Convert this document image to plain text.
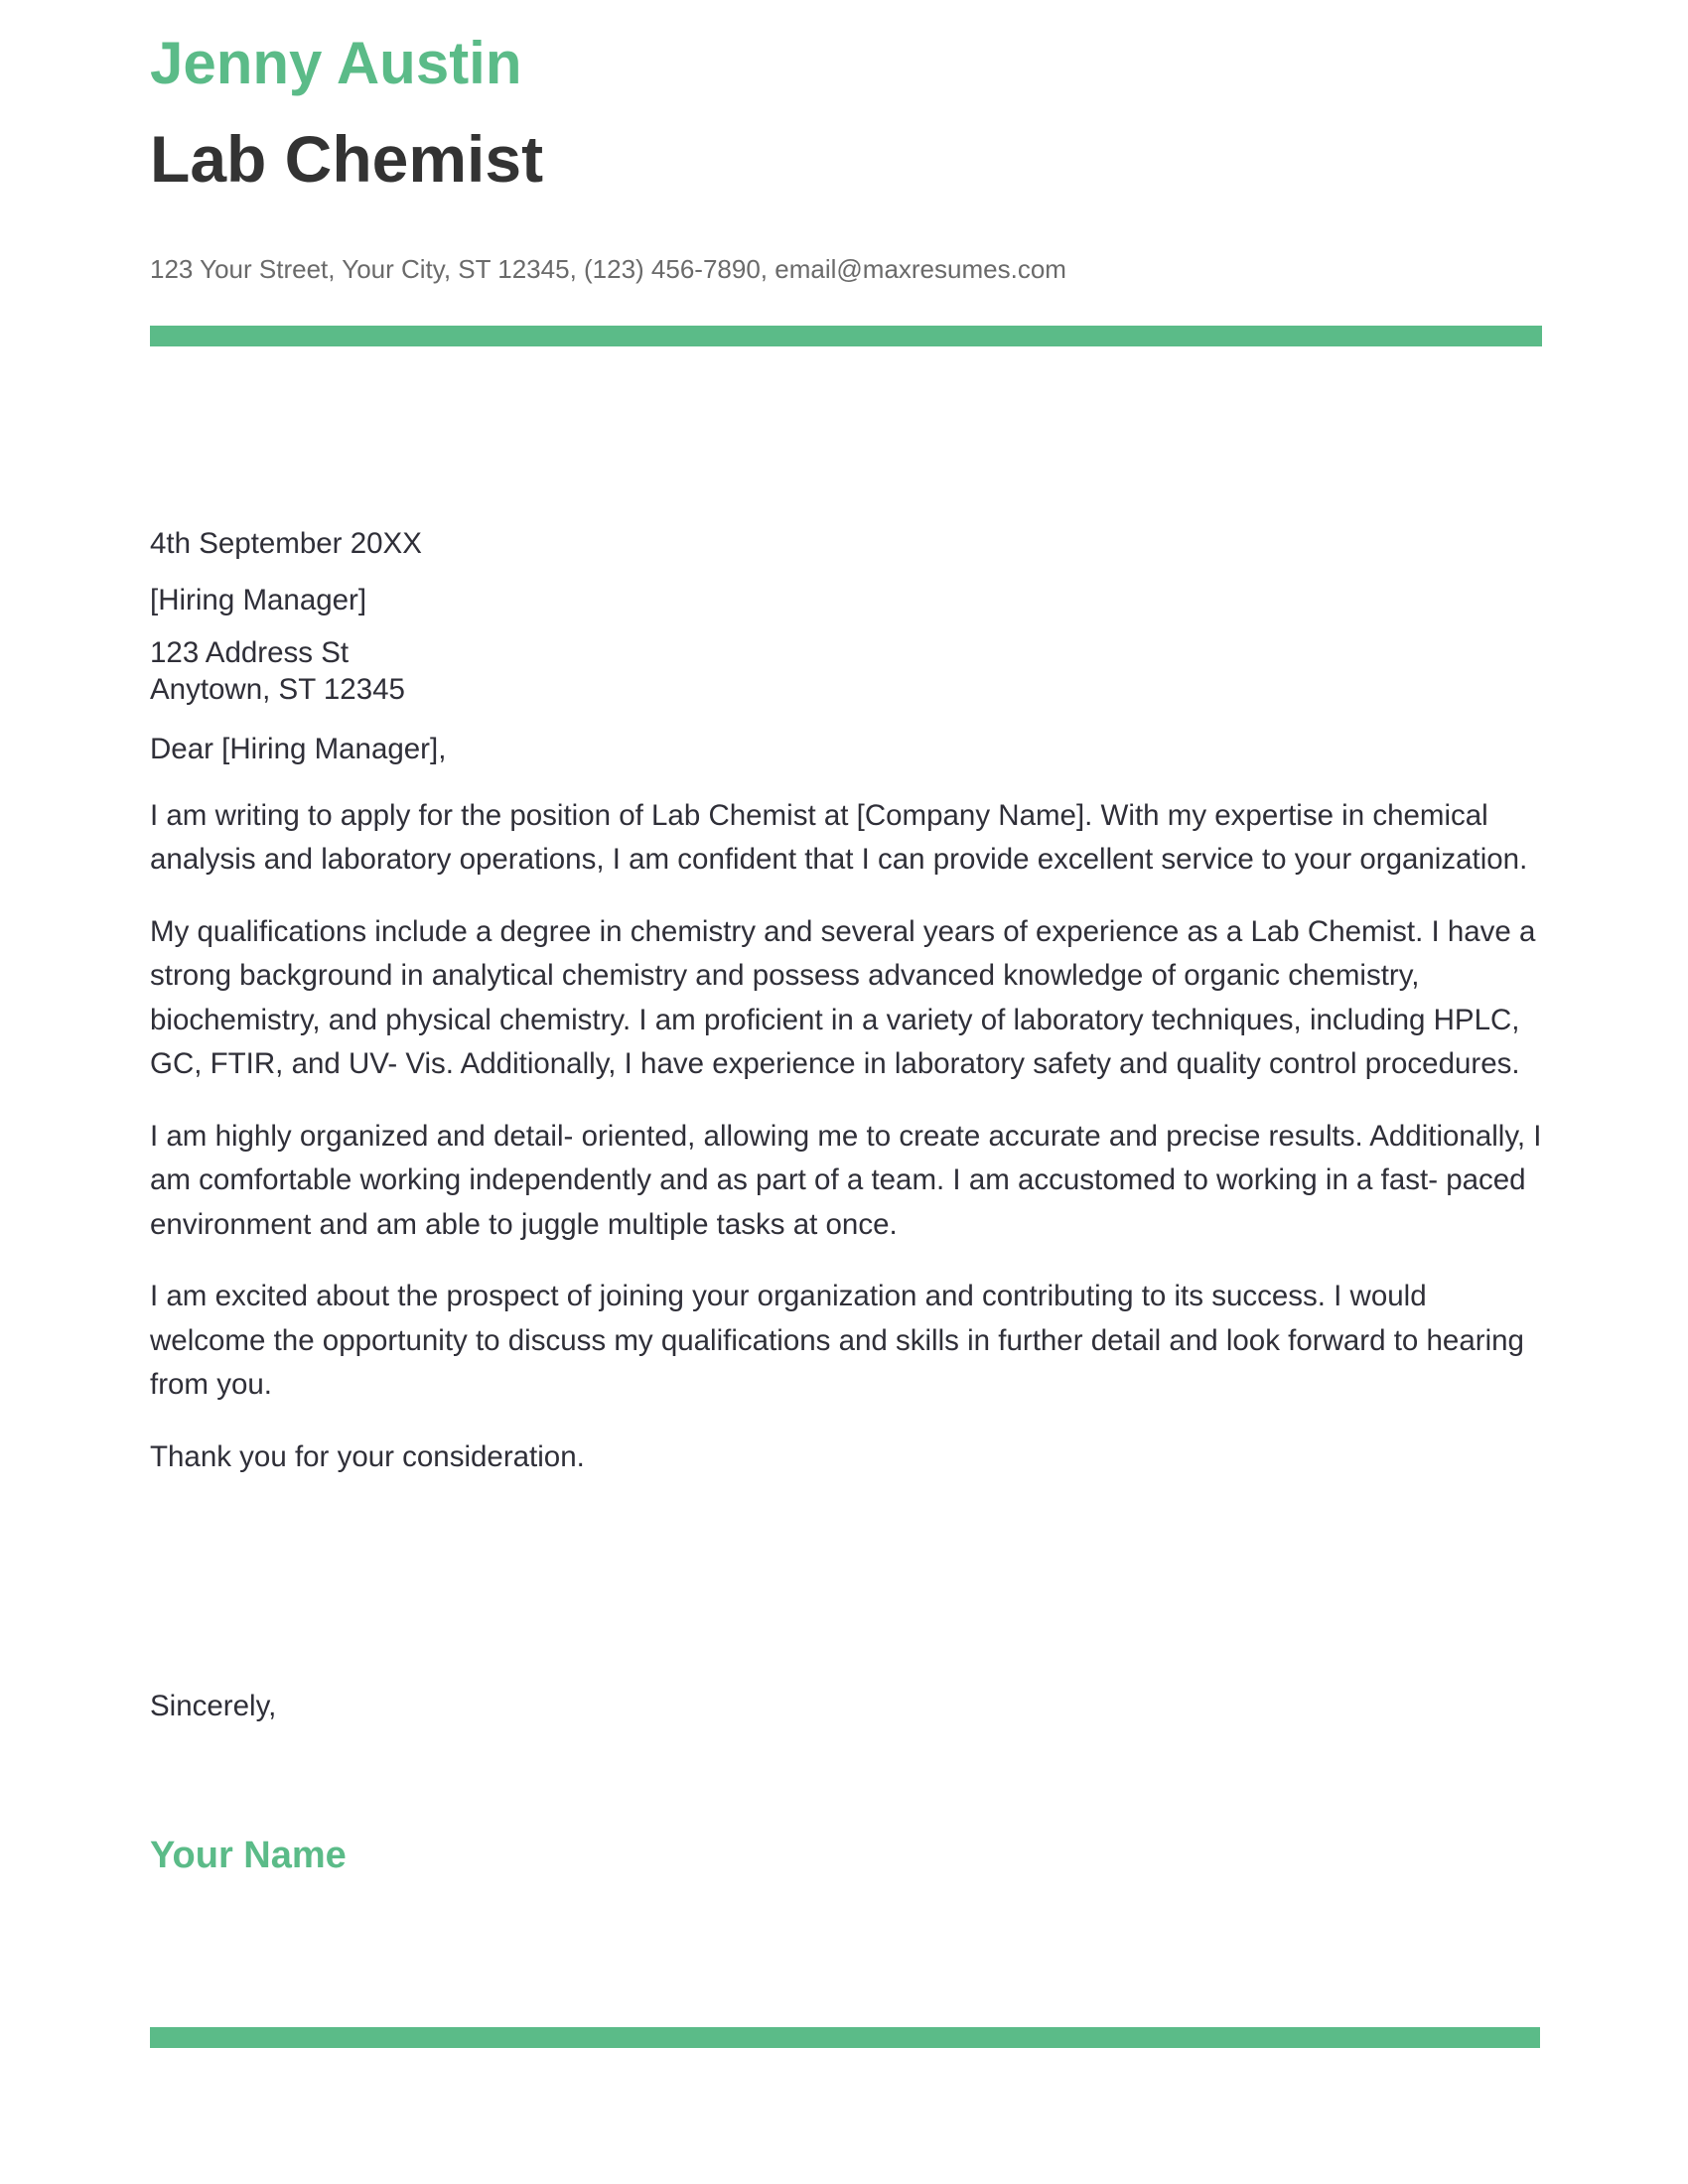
Jenny Austin
Lab Chemist
123 Your Street, Your City, ST 12345, (123) 456-7890, email@maxresumes.com

4th September 20XX

[Hiring Manager]

123 Address St

Anytown, ST 12345

Dear [Hiring Manager],

I am writing to apply for the position of Lab Chemist at [Company Name]. With my expertise in chemical analysis and laboratory operations, I am confident that I can provide excellent service to your organization.

My qualifications include a degree in chemistry and several years of experience as a Lab Chemist. I have a strong background in analytical chemistry and possess advanced knowledge of organic chemistry, biochemistry, and physical chemistry. I am proficient in a variety of laboratory techniques, including HPLC, GC, FTIR, and UV- Vis. Additionally, I have experience in laboratory safety and quality control procedures.

I am highly organized and detail- oriented, allowing me to create accurate and precise results. Additionally, I am comfortable working independently and as part of a team. I am accustomed to working in a fast- paced environment and am able to juggle multiple tasks at once.

I am excited about the prospect of joining your organization and contributing to its success. I would welcome the opportunity to discuss my qualifications and skills in further detail and look forward to hearing from you.

Thank you for your consideration.

Sincerely,
Your Name
